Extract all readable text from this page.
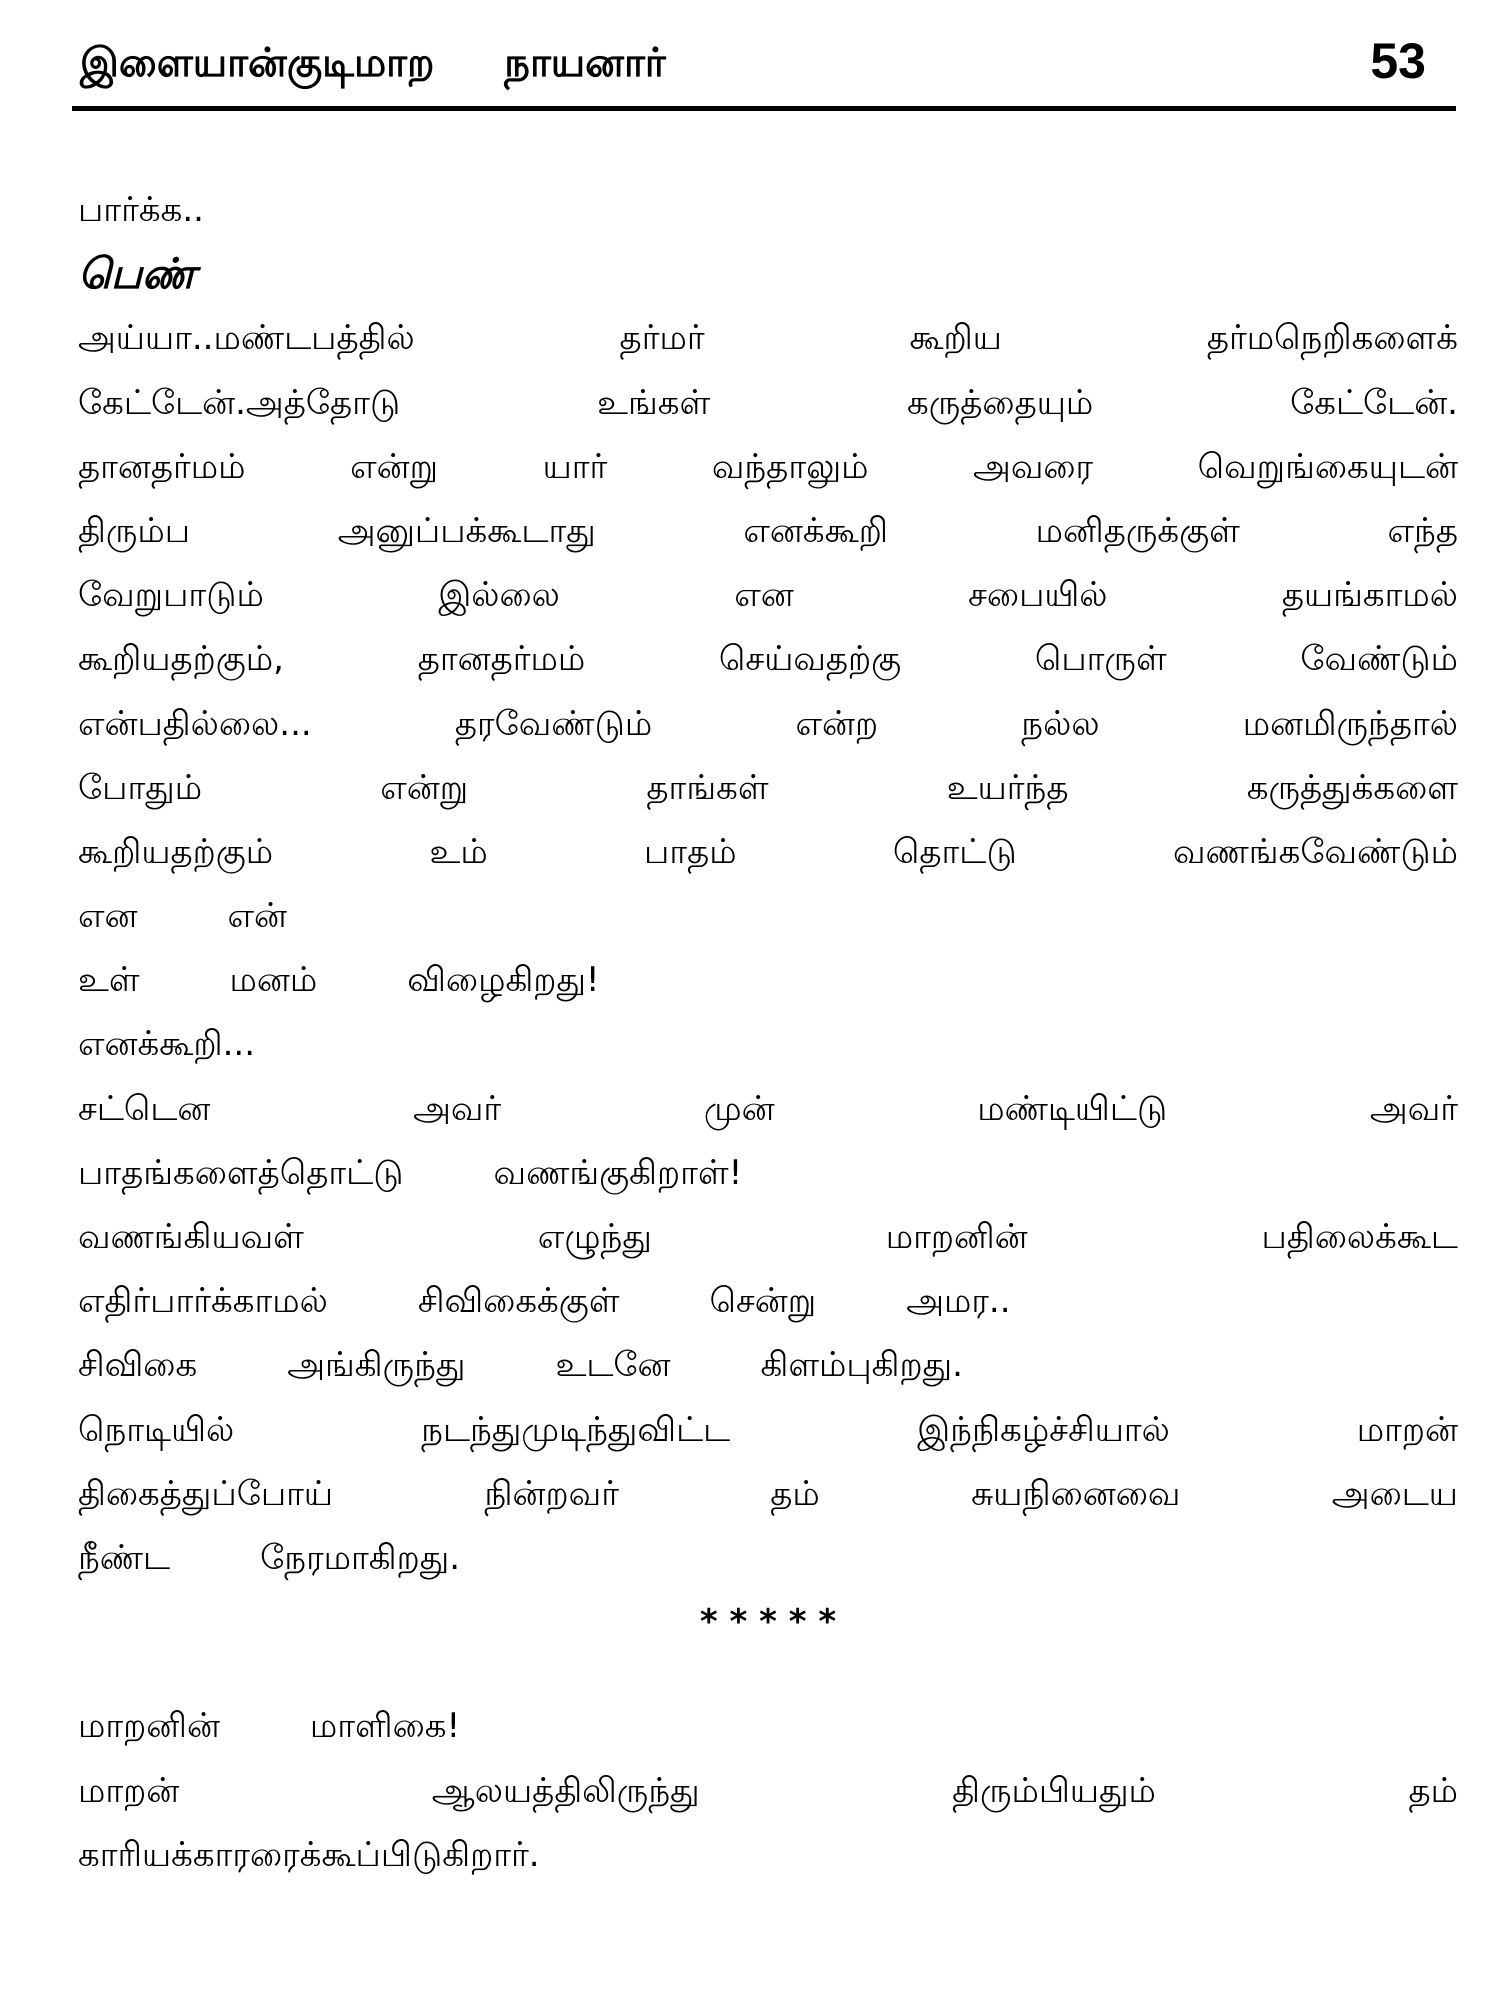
இளையான்குடிமாற நாயனார்	53
பார்க்க..
பெண்
அய்யா..மண்டபத்தில்	தர்மர்	கூறிய	தர்மநெறிகளைக்
கேட்டேன்.அத்தோடு	உங்கள்	கருத்தையும்	கேட்டேன்.
தானதர்மம்	என்று	யார்	வந்தாலும்	அவரை	வெறுங்கையுடன்
திரும்ப	அனுப்பக்கூடாது	எனக்கூறி	மனிதருக்குள்	எந்த
வேறுபாடும்	இல்லை	என	சபையில்	தயங்காமல்
கூறியதற்கும்,	தானதர்மம்	செய்வதற்கு	பொருள்	வேண்டும்
என்பதில்லை...	தரவேண்டும்	என்ற	நல்ல	மனமிருந்தால்
போதும்	என்று	தாங்கள்	உயர்ந்த	கருத்துக்களை
கூறியதற்கும்	உம்	பாதம்	தொட்டு	வணங்கவேண்டும்
என	என்
உள்	மனம்	விழைகிறது!
எனக்கூறி...
சட்டென	அவர்	முன்	மண்டியிட்டு	அவர்
பாதங்களைத்தொட்டு	வணங்குகிறாள்!
வணங்கியவள்	எழுந்து	மாறனின்	பதிலைக்கூட
எதிர்பார்க்காமல்	சிவிகைக்குள்	சென்று	அமர..
சிவிகை	அங்கிருந்து	உடனே	கிளம்புகிறது.
நொடியில்	நடந்துமுடிந்துவிட்ட	இந்நிகழ்ச்சியால்	மாறன்
திகைத்துப்போய்	நின்றவர்	தம்	சுயநினைவை	அடைய
நீண்ட	நேரமாகிறது.
* * * * *
மாறனின்	மாளிகை!
மாறன்	ஆலயத்திலிருந்து	திரும்பியதும்	தம்
காரியக்காரரைக்கூப்பிடுகிறார்.
